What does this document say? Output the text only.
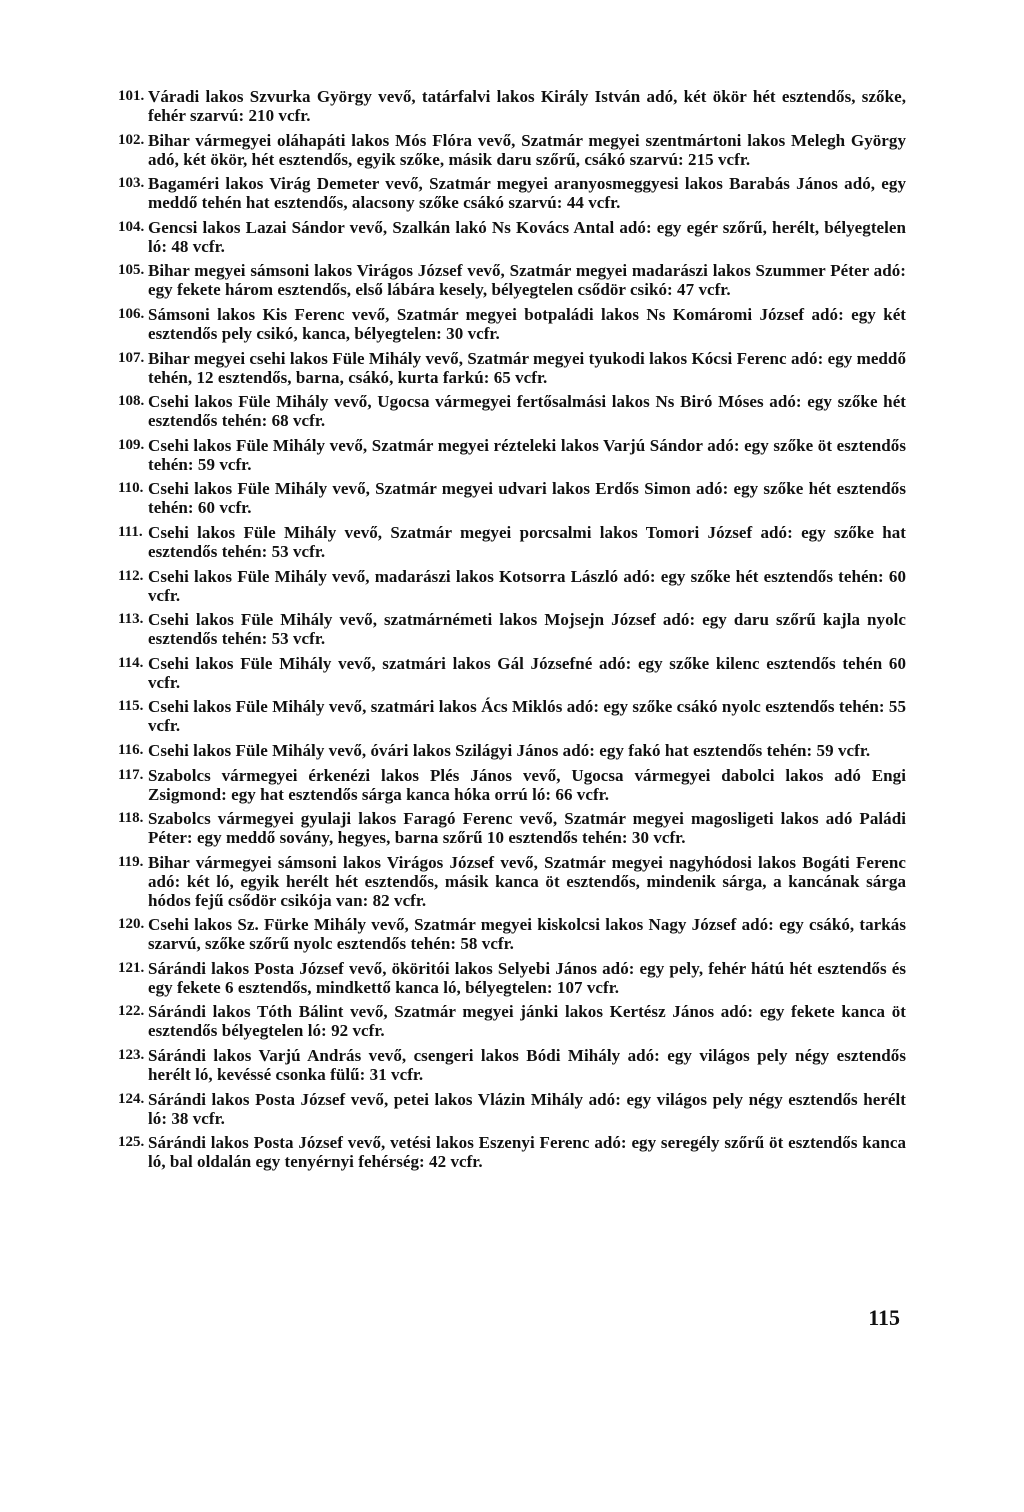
101. Váradi lakos Szvurka György vevő, tatárfalvi lakos Király István adó, két ökör hét esztendős, szőke, fehér szarvú: 210 vcfr.
102. Bihar vármegyei oláhapáti lakos Mós Flóra vevő, Szatmár megyei szentmártoni lakos Melegh György adó, két ökör, hét esztendős, egyik szőke, másik daru szőrű, csákó szarvú: 215 vcfr.
103. Bagaméri lakos Virág Demeter vevő, Szatmár megyei aranyosmeggyesi lakos Barabás János adó, egy meddő tehén hat esztendős, alacsony szőke csákó szarvú: 44 vcfr.
104. Gencsi lakos Lazai Sándor vevő, Szalkán lakó Ns Kovács Antal adó: egy egér szőrű, herélt, bélyegtelen ló: 48 vcfr.
105. Bihar megyei sámsoni lakos Virágos József vevő, Szatmár megyei madarászi lakos Szummer Péter adó: egy fekete három esztendős, első lábára kesely, bélyegtelen csődör csikó: 47 vcfr.
106. Sámsoni lakos Kis Ferenc vevő, Szatmár megyei botpaládi lakos Ns Komáromi József adó: egy két esztendős pely csikó, kanca, bélyegtelen: 30 vcfr.
107. Bihar megyei csehi lakos Füle Mihály vevő, Szatmár megyei tyukodi lakos Kócsi Ferenc adó: egy meddő tehén, 12 esztendős, barna, csákó, kurta farkú: 65 vcfr.
108. Csehi lakos Füle Mihály vevő, Ugocsa vármegyei fertősalmási lakos Ns Biró Móses adó: egy szőke hét esztendős tehén: 68 vcfr.
109. Csehi lakos Füle Mihály vevő, Szatmár megyei rézteleki lakos Varjú Sándor adó: egy szőke öt esztendős tehén: 59 vcfr.
110. Csehi lakos Füle Mihály vevő, Szatmár megyei udvari lakos Erdős Simon adó: egy szőke hét esztendős tehén: 60 vcfr.
111. Csehi lakos Füle Mihály vevő, Szatmár megyei porcsalmi lakos Tomori József adó: egy szőke hat esztendős tehén: 53 vcfr.
112. Csehi lakos Füle Mihály vevő, madarászi lakos Kotsorra László adó: egy szőke hét esztendős tehén: 60 vcfr.
113. Csehi lakos Füle Mihály vevő, szatmárnémeti lakos Mojsejn József adó: egy daru szőrű kajla nyolc esztendős tehén: 53 vcfr.
114. Csehi lakos Füle Mihály vevő, szatmári lakos Gál Józsefné adó: egy szőke kilenc esztendős tehén 60 vcfr.
115. Csehi lakos Füle Mihály vevő, szatmári lakos Ács Miklós adó: egy szőke csákó nyolc esztendős tehén: 55 vcfr.
116. Csehi lakos Füle Mihály vevő, óvári lakos Szilágyi János adó: egy fakó hat esztendős tehén: 59 vcfr.
117. Szabolcs vármegyei érkenézi lakos Plés János vevő, Ugocsa vármegyei dabolci lakos adó Engi Zsigmond: egy hat esztendős sárga kanca hóka orrú ló: 66 vcfr.
118. Szabolcs vármegyei gyulaji lakos Faragó Ferenc vevő, Szatmár megyei magosligeti lakos adó Paládi Péter: egy meddő sovány, hegyes, barna szőrű 10 esztendős tehén: 30 vcfr.
119. Bihar vármegyei sámsoni lakos Virágos József vevő, Szatmár megyei nagyhódosi lakos Bogáti Ferenc adó: két ló, egyik herélt hét esztendős, másik kanca öt esztendős, mindenik sárga, a kancának sárga hódos fejű csődör csikója van: 82 vcfr.
120. Csehi lakos Sz. Fürke Mihály vevő, Szatmár megyei kiskolcsi lakos Nagy József adó: egy csákó, tarkás szarvú, szőke szőrű nyolc esztendős tehén: 58 vcfr.
121. Sárándi lakos Posta József vevő, ököritói lakos Selyebi János adó: egy pely, fehér hátú hét esztendős és egy fekete 6 esztendős, mindkettő kanca ló, bélyegtelen: 107 vcfr.
122. Sárándi lakos Tóth Bálint vevő, Szatmár megyei jánki lakos Kertész János adó: egy fekete kanca öt esztendős bélyegtelen ló: 92 vcfr.
123. Sárándi lakos Varjú András vevő, csengeri lakos Bódi Mihály adó: egy világos pely négy esztendős herélt ló, kevéssé csonka fülű: 31 vcfr.
124. Sárándi lakos Posta József vevő, petei lakos Vlázin Mihály adó: egy világos pely négy esztendős herélt ló: 38 vcfr.
125. Sárándi lakos Posta József vevő, vetési lakos Eszenyi Ferenc adó: egy seregély szőrű öt esztendős kanca ló, bal oldalán egy tenyérnyi fehérség: 42 vcfr.
115
